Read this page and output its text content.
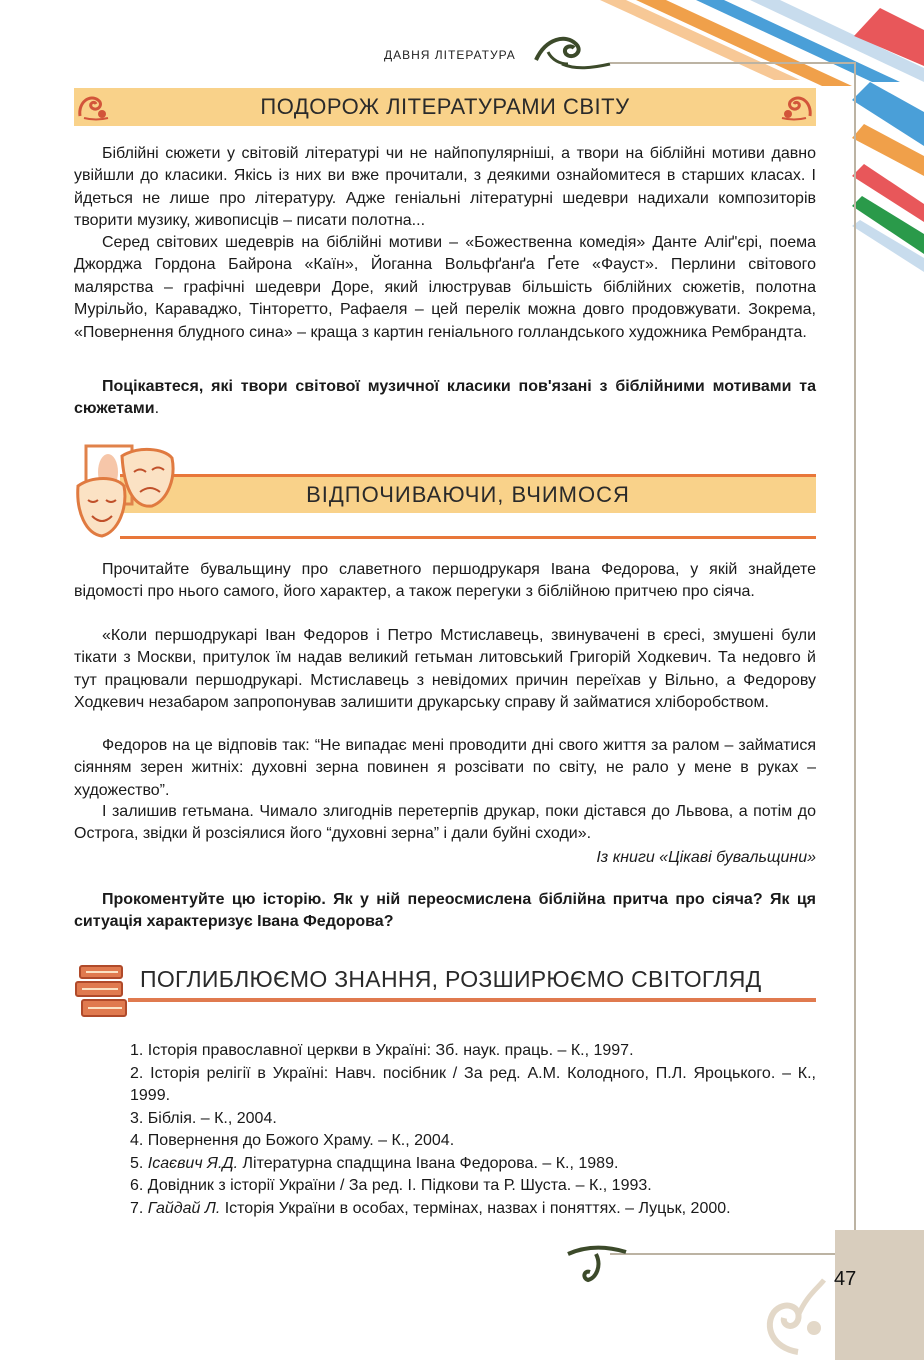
ДАВНЯ ЛІТЕРАТУРА
ПОДОРОЖ ЛІТЕРАТУРАМИ СВІТУ
Біблійні сюжети у світовій літературі чи не найпопулярніші, а твори на біблійні мотиви давно увійшли до класики. Якісь із них ви вже прочитали, з деякими ознайомитеся в старших класах. І йдеться не лише про літературу. Адже геніальні літературні шедеври надихали композиторів творити музику, живописців – писати полотна...
Серед світових шедеврів на біблійні мотиви – «Божественна комедія» Данте Аліґ'єрі, поема Джорджа Гордона Байрона «Каїн», Йоганна Вольфґанґа Ґете «Фауст». Перлини світового малярства – графічні шедеври Доре, який ілюстрував більшість біблійних сюжетів, полотна Мурільйо, Караваджо, Тінторетто, Рафаеля – цей перелік можна довго продовжувати. Зокрема, «Повернення блудного сина» – краща з картин геніального голландського художника Рембрандта.
Поцікавтеся, які твори світової музичної класики пов'язані з біблійними мотивами та сюжетами.
ВІДПОЧИВАЮЧИ, ВЧИМОСЯ
Прочитайте бувальщину про славетного першодрукаря Івана Федорова, у якій знайдете відомості про нього самого, його характер, а також перегуки з біблійною притчею про сіяча.
«Коли першодрукарі Іван Федоров і Петро Мстиславець, звинувачені в єресі, змушені були тікати з Москви, притулок їм надав великий гетьман литовський Григорій Ходкевич. Та недовго й тут працювали першодрукарі. Мстиславець з невідомих причин переїхав у Вільно, а Федорову Ходкевич незабаром запропонував залишити друкарську справу й займатися хліборобством.
Федоров на це відповів так: “Не випадає мені проводити дні свого життя за ралом – займатися сіянням зерен житніх: духовні зерна повинен я розсівати по світу, не рало у мене в руках – художество”.
І залишив гетьмана. Чимало злигоднів перетерпів друкар, поки дістався до Львова, а потім до Острога, звідки й розсіялися його “духовні зерна” і дали буйні сходи».
Із книги «Цікаві бувальщини»
Прокоментуйте цю історію. Як у ній переосмислена біблійна притча про сіяча? Як ця ситуація характеризує Івана Федорова?
ПОГЛИБЛЮЄМО ЗНАННЯ, РОЗШИРЮЄМО СВІТОГЛЯД
1. Історія православної церкви в Україні: Зб. наук. праць. – К., 1997.
2. Історія релігії в Україні: Навч. посібник / За ред. А.М. Колодного, П.Л. Яроцького. – К., 1999.
3. Біблія. – К., 2004.
4. Повернення до Божого Храму. – К., 2004.
5. Ісаєвич Я.Д. Літературна спадщина Івана Федорова. – К., 1989.
6. Довідник з історії України / За ред. І. Підкови та Р. Шуста. – К., 1993.
7. Гайдай Л. Історія України в особах, термінах, назвах і поняттях. – Луцьк, 2000.
47
